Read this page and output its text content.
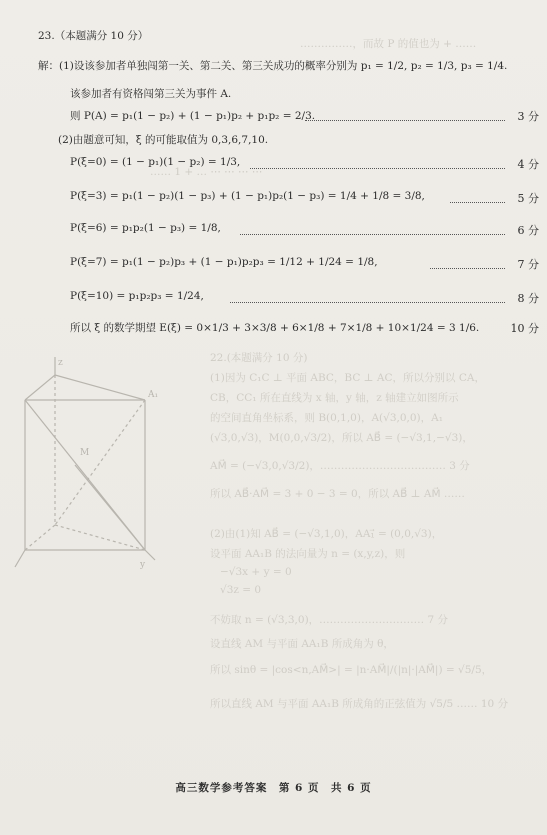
……………，而故 P 的值也为 + ……
…… 1 + … ⋯ ⋯ ⋯ ⋯
23.（本题满分 10 分）
解：(1)设该参加者单独闯第一关、第二关、第三关成功的概率分别为 p₁ = 1/2, p₂ = 1/3, p₃ = 1/4.
该参加者有资格闯第三关为事件 A.
则 P(A) = p₁(1 − p₂) + (1 − p₁)p₂ + p₁p₂ = 2/3.	3 分
(2)由题意可知，ξ 的可能取值为 0,3,6,7,10.
P(ξ=0) = (1 − p₁)(1 − p₂) = 1/3,	4 分
P(ξ=3) = p₁(1 − p₂)(1 − p₃) + (1 − p₁)p₂(1 − p₃) = 1/4 + 1/8 = 3/8,	5 分
P(ξ=6) = p₁p₂(1 − p₃) = 1/8,	6 分
P(ξ=7) = p₁(1 − p₂)p₃ + (1 − p₁)p₂p₃ = 1/12 + 1/24 = 1/8,	7 分
P(ξ=10) = p₁p₂p₃ = 1/24,	8 分
所以 ξ 的数学期望 E(ξ) = 0×1/3 + 3×3/8 + 6×1/8 + 7×1/8 + 10×1/24 = 3 1/6.	10 分
z
A₁
M
y
22.(本题满分 10 分)
(1)因为 C₁C ⊥ 平面 ABC，BC ⊥ AC，所以分别以 CA，
CB，CC₁ 所在直线为 x 轴，y 轴，z 轴建立如图所示
的空间直角坐标系，则 B(0,1,0)，A(√3,0,0)，A₁
(√3,0,√3)，M(0,0,√3/2)，所以 AB⃗ = (−√3,1,−√3)，
AM⃗ = (−√3,0,√3/2)，……………………………… 3 分
所以 AB⃗·AM⃗ = 3 + 0 − 3 = 0，所以 AB⃗ ⊥ AM⃗ ……
(2)由(1)知 AB⃗ = (−√3,1,0)，AA₁⃗ = (0,0,√3)，
设平面 AA₁B 的法向量为 n = (x,y,z)，则
−√3x + y = 0
√3z = 0
不妨取 n = (√3,3,0)，………………………… 7 分
设直线 AM 与平面 AA₁B 所成角为 θ，
所以 sinθ = |cos<n,AM⃗>| = |n·AM⃗|/(|n|·|AM⃗|) = √5/5，
所以直线 AM 与平面 AA₁B 所成角的正弦值为 √5/5 …… 10 分
高三数学参考答案　第 6 页　共 6 页
